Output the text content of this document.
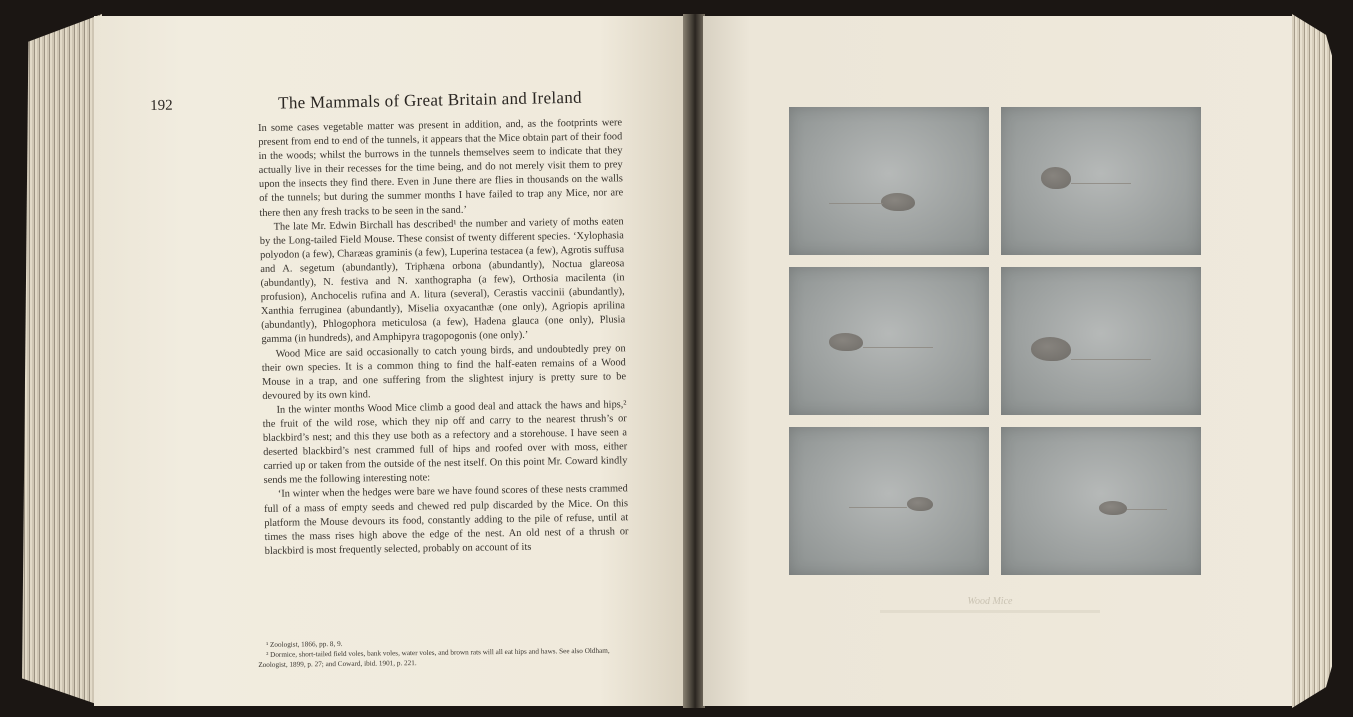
192	The Mammals of Great Britain and Ireland

In some cases vegetable matter was present in addition, and, as the footprints were present from end to end of the tunnels, it appears that the Mice obtain part of their food in the woods; whilst the burrows in the tunnels themselves seem to indicate that they actually live in their recesses for the time being, and do not merely visit them to prey upon the insects they find there. Even in June there are flies in thousands on the walls of the tunnels; but during the summer months I have failed to trap any Mice, nor are there then any fresh tracks to be seen in the sand.’

The late Mr. Edwin Birchall has described¹ the number and variety of moths eaten by the Long-tailed Field Mouse. These consist of twenty different species. ‘Xylophasia polyodon (a few), Charæas graminis (a few), Luperina testacea (a few), Agrotis suffusa and A. segetum (abundantly), Triphæna orbona (abundantly), Noctua glareosa (abundantly), N. festiva and N. xanthographa (a few), Orthosia macilenta (in profusion), Anchocelis rufina and A. litura (several), Cerastis vaccinii (abundantly), Xanthia ferruginea (abundantly), Miselia oxyacanthæ (one only), Agriopis aprilina (abundantly), Phlogophora meticulosa (a few), Hadena glauca (one only), Plusia gamma (in hundreds), and Amphipyra tragopogonis (one only).’

Wood Mice are said occasionally to catch young birds, and undoubtedly prey on their own species. It is a common thing to find the half-eaten remains of a Wood Mouse in a trap, and one suffering from the slightest injury is pretty sure to be devoured by its own kind.

In the winter months Wood Mice climb a good deal and attack the haws and hips,² the fruit of the wild rose, which they nip off and carry to the nearest thrush’s or blackbird’s nest; and this they use both as a refectory and a storehouse. I have seen a deserted blackbird’s nest crammed full of hips and roofed over with moss, either carried up or taken from the outside of the nest itself. On this point Mr. Coward kindly sends me the following interesting note:

‘In winter when the hedges were bare we have found scores of these nests crammed full of a mass of empty seeds and chewed red pulp discarded by the Mice. On this platform the Mouse devours its food, constantly adding to the pile of refuse, until at times the mass rises high above the edge of the nest. An old nest of a thrush or blackbird is most frequently selected, probably on account of its

¹ Zoologist, 1866, pp. 8, 9.

² Dormice, short-tailed field voles, bank voles, water voles, and brown rats will all eat hips and haws. See also Oldham, Zoologist, 1899, p. 27; and Coward, ibid. 1901, p. 221.

Wood Mice
